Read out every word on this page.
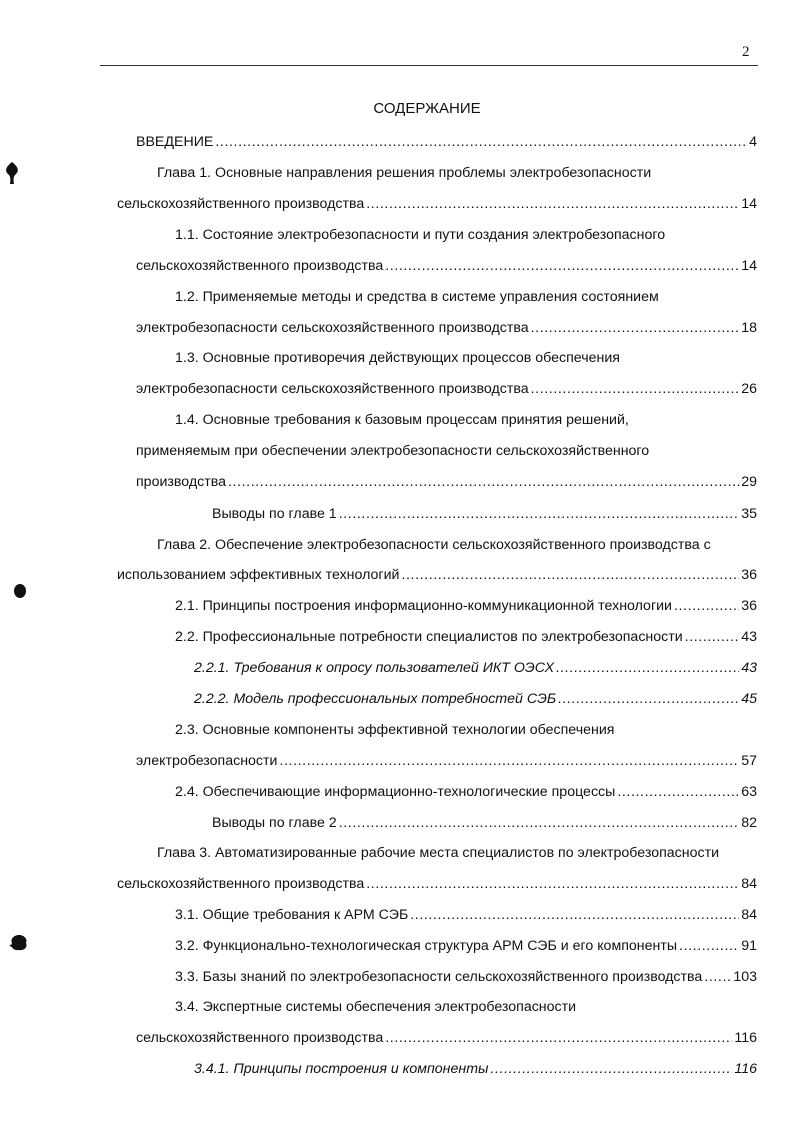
2
СОДЕРЖАНИЕ
ВВЕДЕНИЕ .....	4
Глава 1. Основные направления решения проблемы электробезопасности
сельскохозяйственного производства .....	14
1.1. Состояние электробезопасности и пути создания электробезопасного
сельскохозяйственного производства .....	14
1.2. Применяемые методы и средства в системе управления состоянием
электробезопасности сельскохозяйственного производства .....	18
1.3. Основные противоречия действующих процессов обеспечения
электробезопасности сельскохозяйственного производства .....	26
1.4. Основные требования к базовым процессам принятия решений,
применяемым при обеспечении электробезопасности сельскохозяйственного
производства .....	29
Выводы по главе 1 .....	35
Глава 2. Обеспечение электробезопасности сельскохозяйственного производства с
использованием эффективных технологий .....	36
2.1. Принципы построения информационно-коммуникационной технологии .....	36
2.2. Профессиональные потребности специалистов по электробезопасности .....	43
2.2.1. Требования к опросу пользователей ИКТ ОЭСХ .....	43
2.2.2. Модель профессиональных потребностей СЭБ .....	45
2.3. Основные компоненты эффективной технологии обеспечения
электробезопасности .....	57
2.4. Обеспечивающие информационно-технологические процессы .....	63
Выводы по главе 2 .....	82
Глава 3. Автоматизированные рабочие места специалистов по электробезопасности
сельскохозяйственного производства .....	84
3.1. Общие требования к АРМ СЭБ .....	84
3.2. Функционально-технологическая структура АРМ СЭБ и его компоненты .....	91
3.3. Базы знаний по электробезопасности сельскохозяйственного производства ..... 103
3.4. Экспертные системы обеспечения электробезопасности
сельскохозяйственного производства .....	116
3.4.1. Принципы построения и компоненты .....	116
